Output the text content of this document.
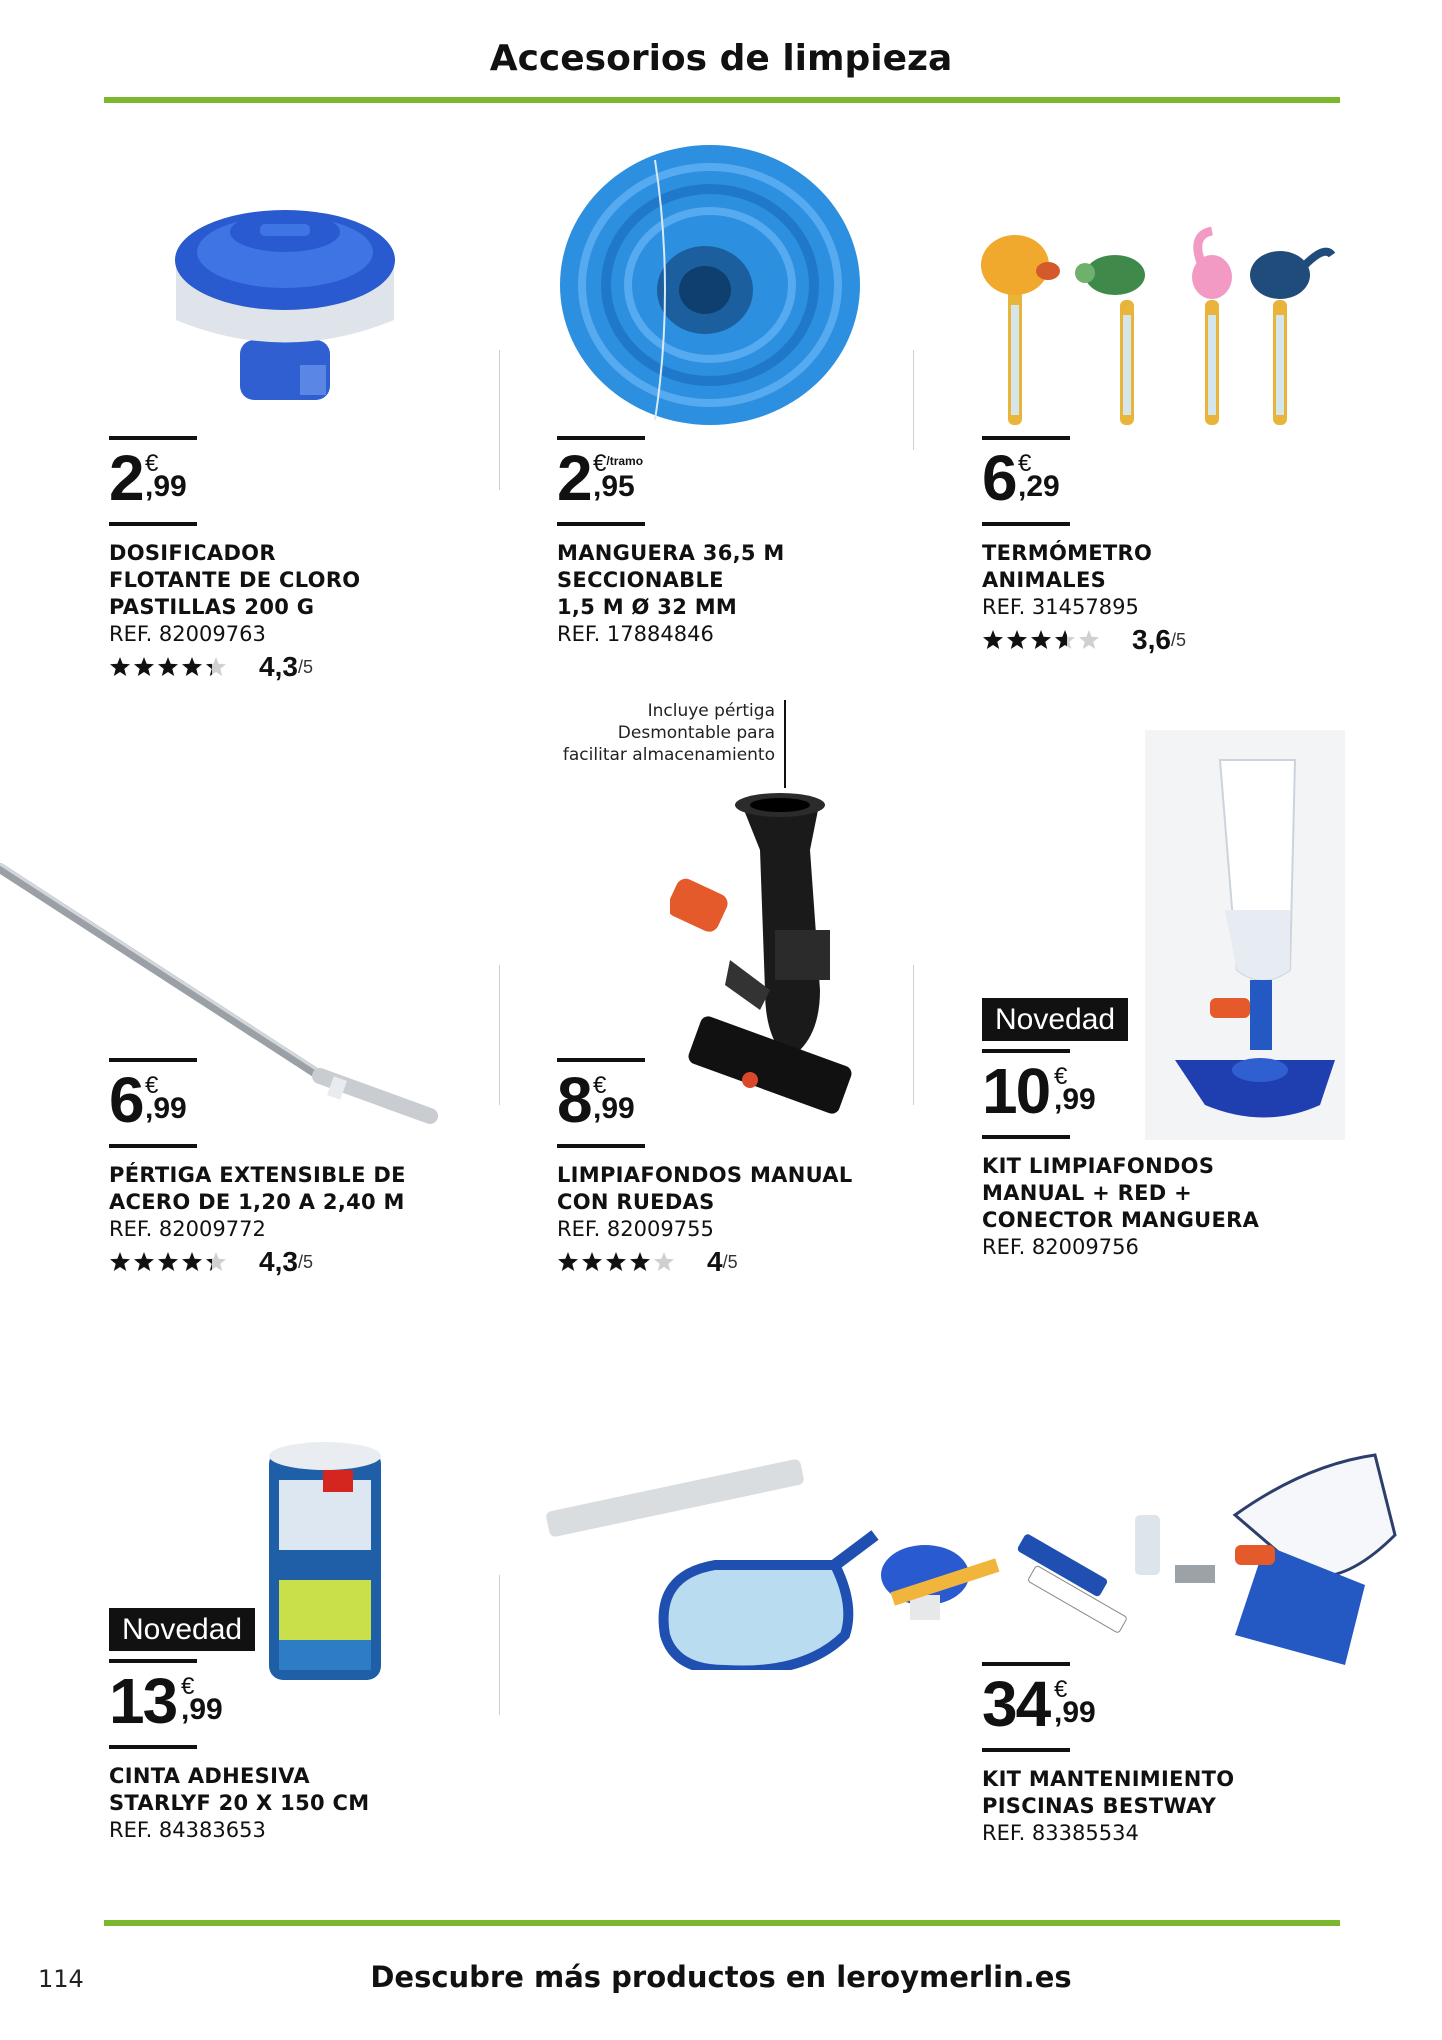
Accesorios de limpieza
Incluye pértiga
Desmontable para
facilitar almacenamiento
2 €
,99
DOSIFICADOR
FLOTANTE DE CLORO
PASTILLAS 200 G
REF. 82009763
4,3 /5
2 €$^{/tramo}$
,95
MANGUERA 36,5 M
SECCIONABLE
1,5 M Ø 32 MM
REF. 17884846
6 €
,29
TERMÓMETRO
ANIMALES
REF. 31457895
3,6 /5
6 €
,99
PÉRTIGA EXTENSIBLE DE
ACERO DE 1,20 A 2,40 M
REF. 82009772
4,3 /5
8 €
,99
LIMPIAFONDOS MANUAL
CON RUEDAS
REF. 82009755
4 /5
Novedad
10 €
,99
KIT LIMPIAFONDOS
MANUAL + RED +
CONECTOR MANGUERA
REF. 82009756
Novedad
13 €
,99
CINTA ADHESIVA
STARLYF 20 X 150 CM
REF. 84383653
34 €
,99
KIT MANTENIMIENTO
PISCINAS BESTWAY
REF. 83385534
114	Descubre más productos en leroymerlin.es
